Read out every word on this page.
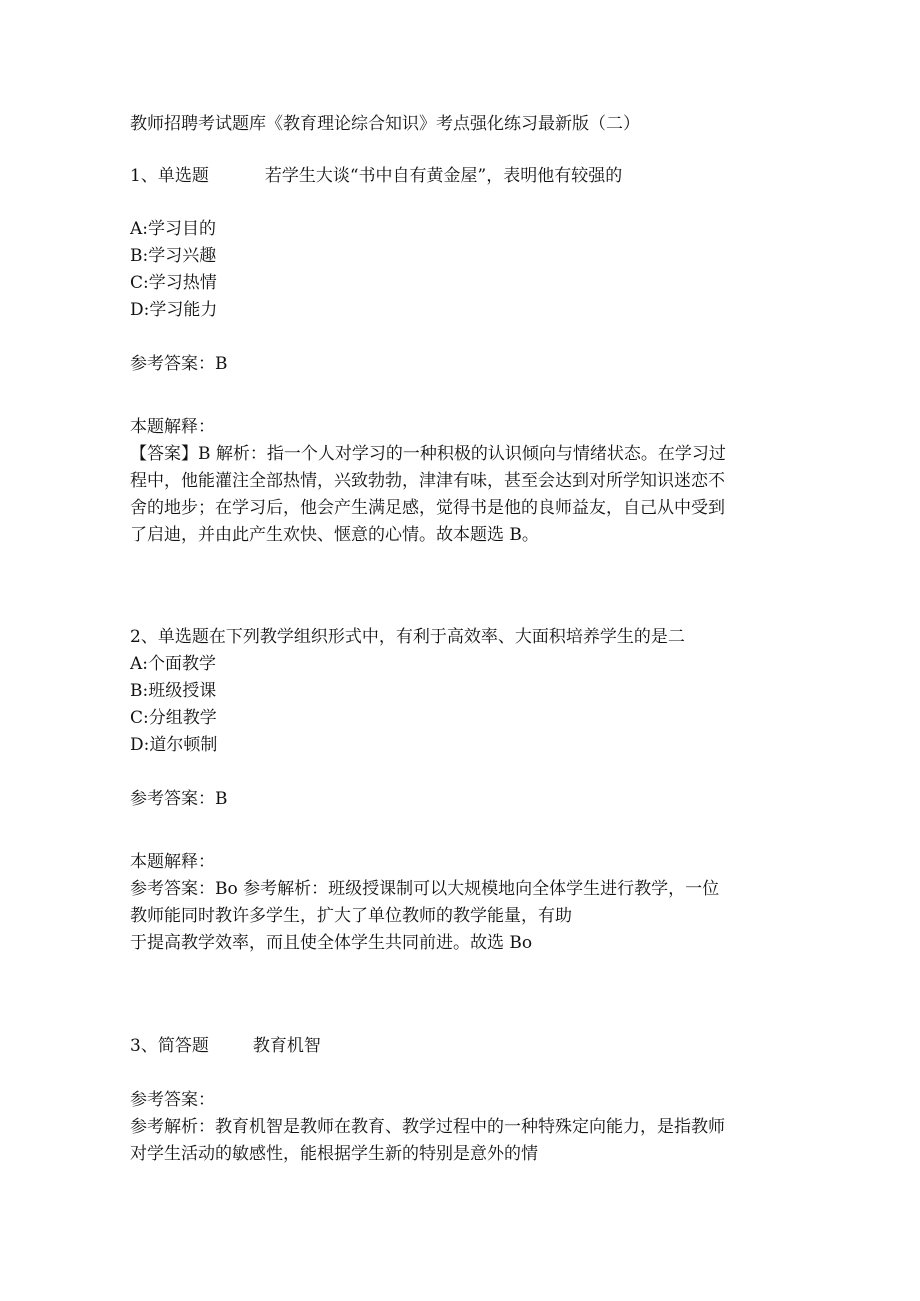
教师招聘考试题库《教育理论综合知识》考点强化练习最新版（二）
1、单选题	若学生大谈“书中自有黄金屋”，表明他有较强的
A:学习目的
B:学习兴趣
C:学习热情
D:学习能力
参考答案：B
本题解释：
【答案】B 解析：指一个人对学习的一种积极的认识倾向与情绪状态。在学习过
程中，他能灌注全部热情，兴致勃勃，津津有味，甚至会达到对所学知识迷恋不
舍的地步；在学习后，他会产生满足感，觉得书是他的良师益友，自己从中受到
了启迪，并由此产生欢快、惬意的心情。故本题选 B。
2、单选题在下列教学组织形式中，有利于高效率、大面积培养学生的是二
A:个面教学
B:班级授课
C:分组教学
D:道尔顿制
参考答案：B
本题解释：
参考答案：Bo 参考解析：班级授课制可以大规模地向全体学生进行教学，一位
教师能同时教许多学生，扩大了单位教师的教学能量，有助
于提高教学效率，而且使全体学生共同前进。故选 Bo
3、简答题	教育机智
参考答案：
参考解析：教育机智是教师在教育、教学过程中的一种特殊定向能力，是指教师
对学生活动的敏感性，能根据学生新的特别是意外的情
